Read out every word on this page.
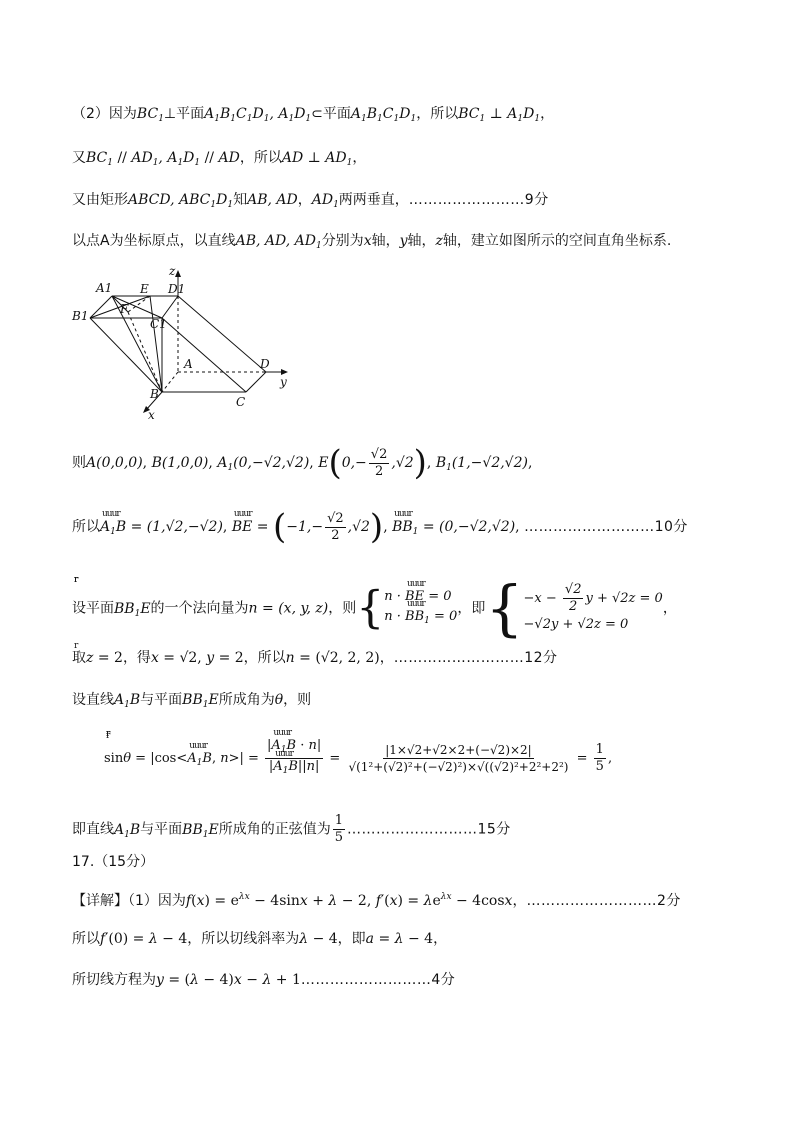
（2）因为$BC_1\perp$平面$A_1B_1C_1D_1$, $A_1D_1\subset$平面$A_1B_1C_1D_1$，所以$BC_1$ ⊥ $A_1D_1$，
又$BC_1 // AD_1$, $A_1D_1$ // AD，所以AD ⊥ $AD_1$，
又由矩形ABCD, $ABC_1D_1$知AB, AD，$AD_1$两两垂直，……………………9分
以点A为坐标原点，以直线AB, AD, $AD_1$分别为x轴，y轴，z轴，建立如图所示的空间直角坐标系.
A1 E D1
z
B1	F
C1
A	D
y
B
C
x
则A(0,0,0), B(1,0,0), $A_1(0,-√2,√2)$, $E(0,- \frac{√2}{2} ,√2)$, $B_1(1,-√2,√2)$,
所以uuur $A_1B = (1,√2,-√2)$, uuur BE = $(-1,- \frac{√2}{2} ,√2)$, uuur $BB_1 = (0,-√2,√2)$, ………………………10分
设平面$BB_1E$的一个法向量为r n = (x, y, z)，则{
r n · uuur BE = 0
r n · uuur $BB_1 = 0$ ，即{ $-x - \frac{√2}{2}$ y + √2z = 0
−√2y + √2z = 0
，
取z = 2，得x = √2, y = 2，所以r n = (√2, 2, 2)，………………………12分
设直线$A_1B$与平面$BB_1E$所成角为θ，则
sinθ = |cos<uuur $A_1B$, r $n>| = \frac{|uuur A_1B \cdot r n|}{|uuur A_1B||r n|} = \frac{|1\times√2+√2\times 2+(-√2)\times 2|}{\text{√(1²+(√2)²+(−√2)²)×√((√2)²+2²+2²)}} = \frac{1}{5}$ ,
即直线$A_1B$与平面$BB_1E$所成角的正弦值为 $\frac{1}{5}$ ………………………15分
17.（15分）
【详解】（1）因为$f(x) = e^{\lambda x} - 4\sin x + \lambda - 2$, $f'(x) = \lambda e^{\lambda x} - 4\cos x$，………………………2分
所以f′(0) = λ − 4，所以切线斜率为λ − 4，即a = λ − 4，
所切线方程为y = (λ − 4)x − λ + 1………………………4分
